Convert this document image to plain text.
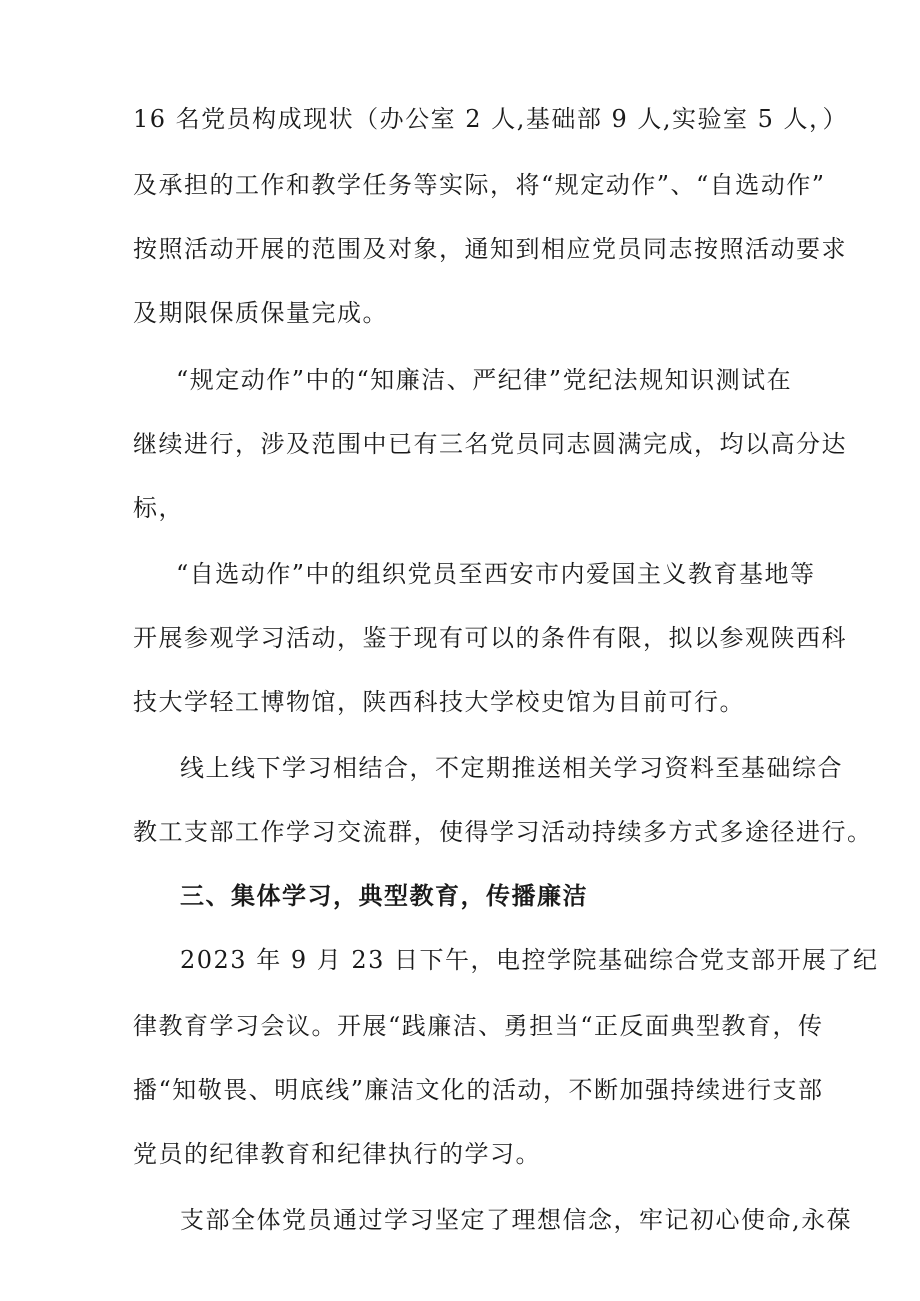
16 名党员构成现状（办公室 2 人,基础部 9 人,实验室 5 人，）
及承担的工作和教学任务等实际，将“规定动作”、“自选动作”
按照活动开展的范围及对象，通知到相应党员同志按照活动要求
及期限保质保量完成。
“规定动作”中的“知廉洁、严纪律”党纪法规知识测试在
继续进行，涉及范围中已有三名党员同志圆满完成，均以高分达
标，
“自选动作”中的组织党员至西安市内爱国主义教育基地等
开展参观学习活动，鉴于现有可以的条件有限，拟以参观陕西科
技大学轻工博物馆，陕西科技大学校史馆为目前可行。
线上线下学习相结合，不定期推送相关学习资料至基础综合
教工支部工作学习交流群，使得学习活动持续多方式多途径进行。
三、集体学习，典型教育，传播廉洁
2023 年 9 月 23 日下午，电控学院基础综合党支部开展了纪
律教育学习会议。开展“践廉洁、勇担当“正反面典型教育，传
播“知敬畏、明底线”廉洁文化的活动，不断加强持续进行支部
党员的纪律教育和纪律执行的学习。
支部全体党员通过学习坚定了理想信念，牢记初心使命,永葆
